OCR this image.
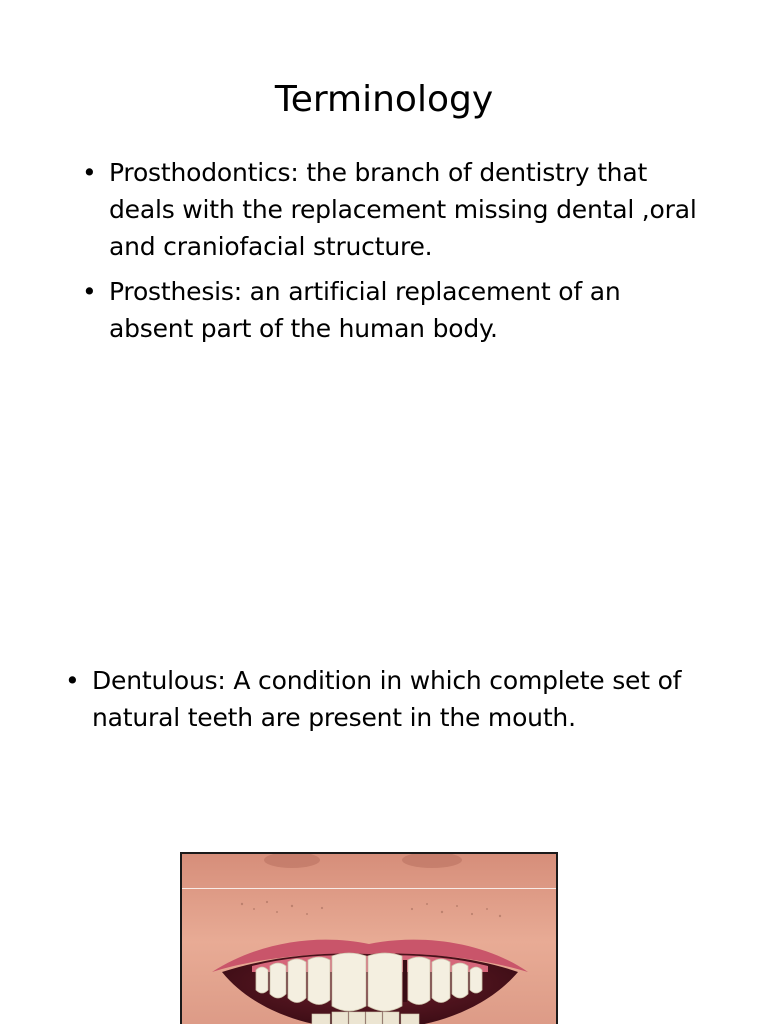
Terminology
• Prosthodontics: the branch of dentistry that deals with the replacement missing dental ,oral and craniofacial structure.
• Prosthesis: an artificial replacement of an absent part of the human body.
• Dentulous: A condition in which complete set of natural teeth are present in the mouth.
